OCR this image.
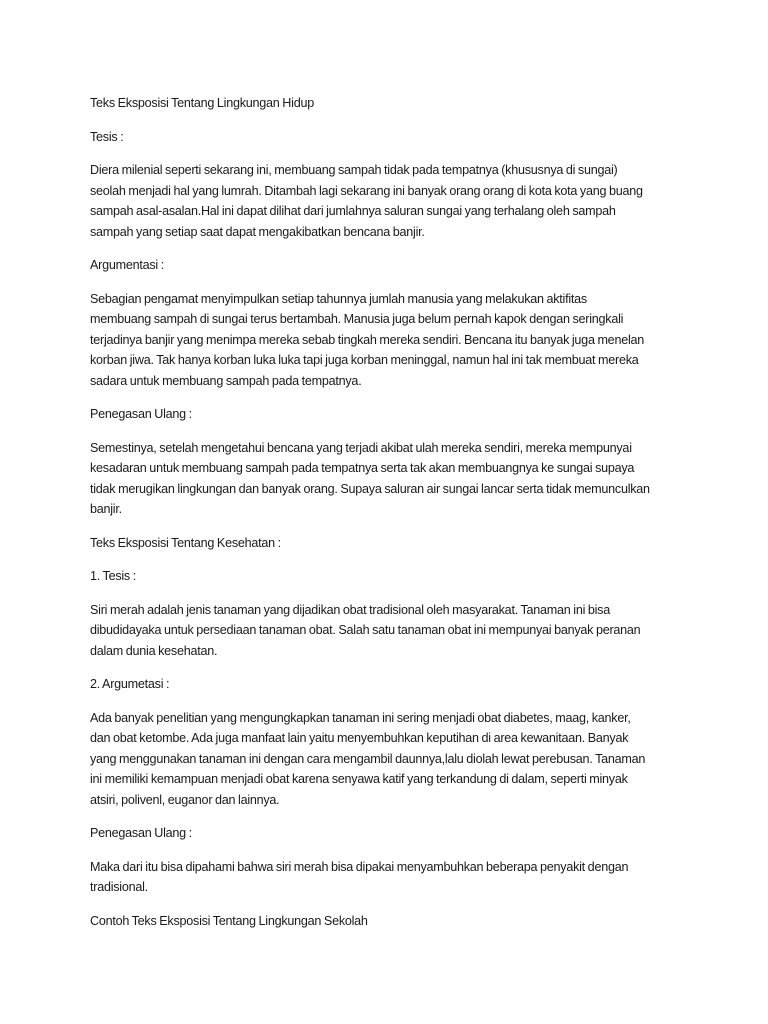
Teks Eksposisi Tentang Lingkungan Hidup

Tesis :

Diera milenial seperti sekarang ini, membuang sampah tidak pada tempatnya (khususnya di sungai)
seolah menjadi hal yang lumrah. Ditambah lagi sekarang ini banyak orang orang di kota kota yang buang
sampah asal-asalan.Hal ini dapat dilihat dari jumlahnya saluran sungai yang terhalang oleh sampah
sampah yang setiap saat dapat mengakibatkan bencana banjir.

Argumentasi :

Sebagian pengamat menyimpulkan setiap tahunnya jumlah manusia yang melakukan aktifitas
membuang sampah di sungai terus bertambah. Manusia juga belum pernah kapok dengan seringkali
terjadinya banjir yang menimpa mereka sebab tingkah mereka sendiri. Bencana itu banyak juga menelan
korban jiwa. Tak hanya korban luka luka tapi juga korban meninggal, namun hal ini tak membuat mereka
sadara untuk membuang sampah pada tempatnya.

Penegasan Ulang :

Semestinya, setelah mengetahui bencana yang terjadi akibat ulah mereka sendiri, mereka mempunyai
kesadaran untuk membuang sampah pada tempatnya serta tak akan membuangnya ke sungai supaya
tidak merugikan lingkungan dan banyak orang. Supaya saluran air sungai lancar serta tidak memunculkan
banjir.

Teks Eksposisi Tentang Kesehatan :

1. Tesis :

Siri merah adalah jenis tanaman yang dijadikan obat tradisional oleh masyarakat. Tanaman ini bisa
dibudidayaka untuk persediaan tanaman obat. Salah satu tanaman obat ini mempunyai banyak peranan
dalam dunia kesehatan.

2. Argumetasi :

Ada banyak penelitian yang mengungkapkan tanaman ini sering menjadi obat diabetes, maag, kanker,
dan obat ketombe. Ada juga manfaat lain yaitu menyembuhkan keputihan di area kewanitaan. Banyak
yang menggunakan tanaman ini dengan cara mengambil daunnya,lalu diolah lewat perebusan. Tanaman
ini memiliki kemampuan menjadi obat karena senyawa katif yang terkandung di dalam, seperti minyak
atsiri, polivenl, euganor dan lainnya.

Penegasan Ulang :

Maka dari itu bisa dipahami bahwa siri merah bisa dipakai menyambuhkan beberapa penyakit dengan
tradisional.

Contoh Teks Eksposisi Tentang Lingkungan Sekolah
